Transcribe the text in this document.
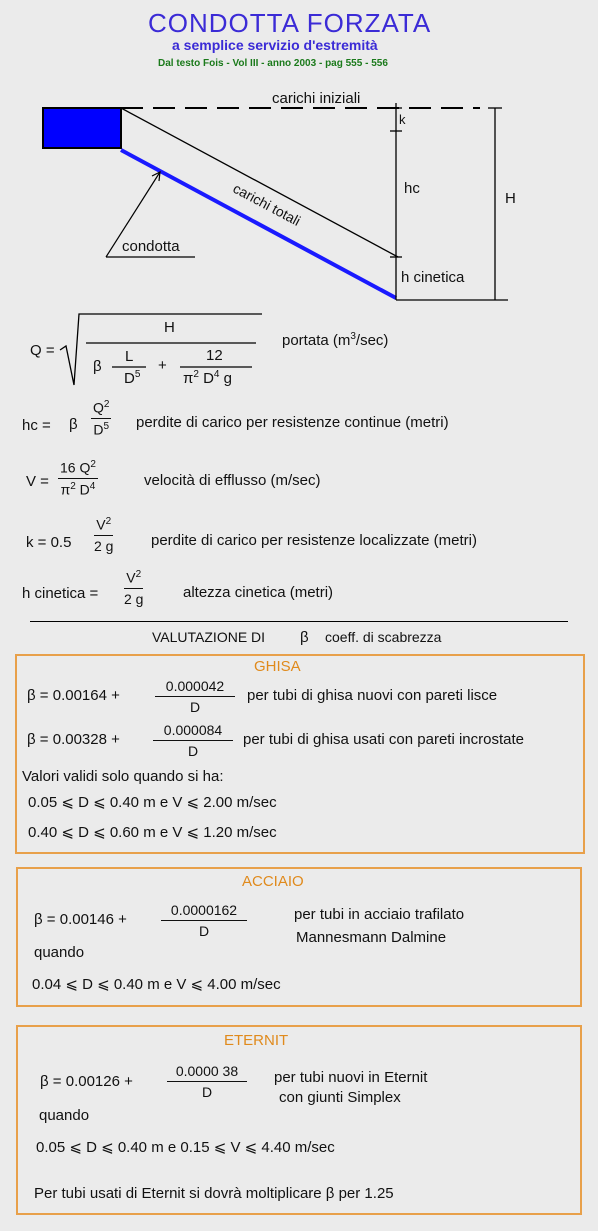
CONDOTTA FORZATA
a semplice servizio d'estremità
Dal testo Fois - Vol III - anno 2003 - pag 555 - 556
carichi iniziali
carichi totali
condotta
k
hc
H
h cinetica
Q =
H
β
L
$D^5$
+
12
$\pi^2$ $D^4$ g
portata $(m^3/\sec)$
hc = β $\frac{Q^2}{D^5}$ perdite di carico per resistenze continue (metri)
$V = \frac{16 Q^2}{\pi^2 D^4}$	velocità di efflusso (m/sec)
$k = 0.5 \frac{V^2}{2 g}$	perdite di carico per resistenze localizzate (metri)
h cinetica = $\frac{V^2}{2 g}$	altezza cinetica (metri)
VALUTAZIONE DI β coeff. di scabrezza
GHISA
β = 0.00164 +	$\frac{0.000042}{D}$ per tubi di ghisa nuovi con pareti lisce
$\beta = 0.00328 + \frac{0.000084}{D}$ per tubi di ghisa usati con pareti incrostate
Valori validi solo quando si ha:
0.05 ⩽ D ⩽ 0.40 m e V ⩽ 2.00 m/sec
0.40 ⩽ D ⩽ 0.60 m e V ⩽ 1.20 m/sec
ACCIAIO
$\beta = 0.00146 + \frac{0.0000162}{D}$	per tubi in acciaio trafilato
Mannesmann Dalmine
quando
0.04 ⩽ D ⩽ 0.40 m e V ⩽ 4.00 m/sec
ETERNIT
$\beta = 0.00126 + \frac{0.0000 38}{D}$ per tubi nuovi in Eternit
con giunti Simplex
quando
0.05 ⩽ D ⩽ 0.40 m e 0.15 ⩽ V ⩽ 4.40 m/sec
Per tubi usati di Eternit si dovrà moltiplicare β per 1.25
